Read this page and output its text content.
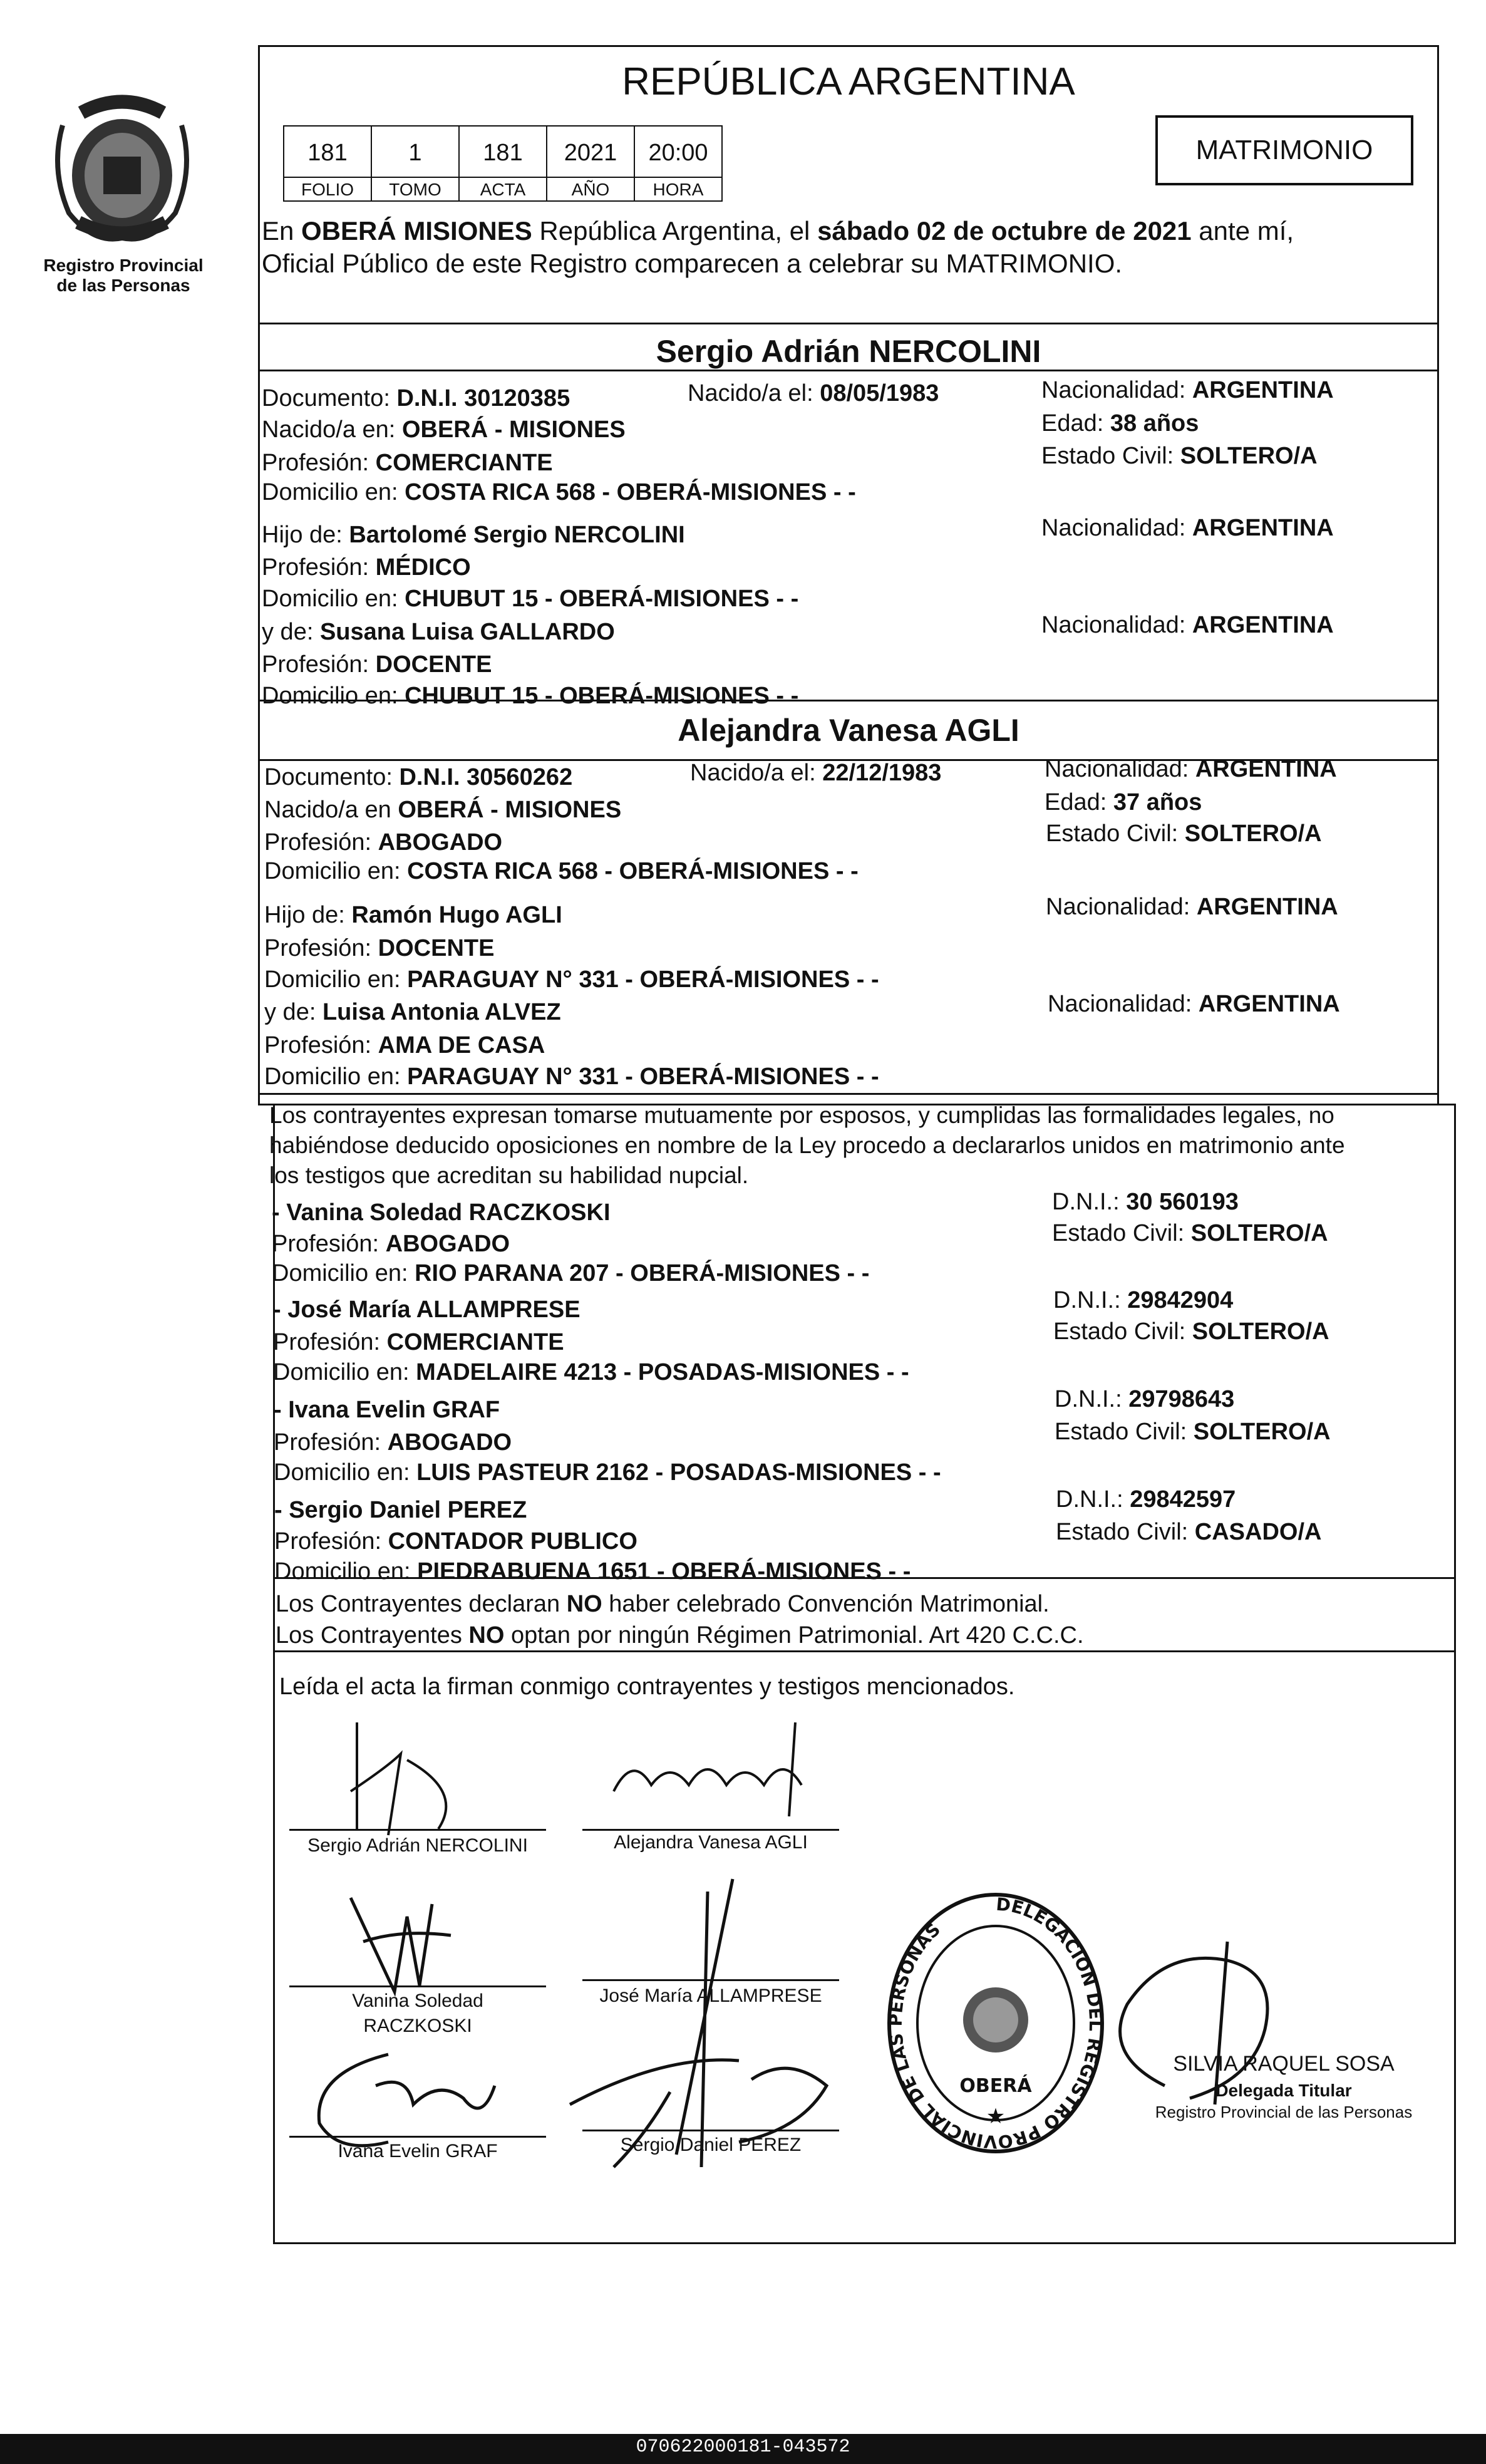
Registro Provincial
de las Personas
REPÚBLICA ARGENTINA
181	1	181	2021	20:00
FOLIO	TOMO	ACTA	AÑO	HORA
MATRIMONIO
En OBERÁ MISIONES República Argentina, el sábado 02 de octubre de 2021 ante mí,
Oficial Público de este Registro comparecen a celebrar su MATRIMONIO.
Sergio Adrián NERCOLINI
Documento: D.N.I. 30120385	Nacido/a el: 08/05/1983	Nacionalidad: ARGENTINA
Nacido/a en: OBERÁ - MISIONES	Edad: 38 años
Profesión: COMERCIANTE	Estado Civil: SOLTERO/A
Domicilio en: COSTA RICA 568 - OBERÁ-MISIONES - -
Hijo de: Bartolomé Sergio NERCOLINI	Nacionalidad: ARGENTINA
Profesión: MÉDICO
Domicilio en: CHUBUT 15 - OBERÁ-MISIONES - -
y de: Susana Luisa GALLARDO	Nacionalidad: ARGENTINA
Profesión: DOCENTE
Domicilio en: CHUBUT 15 - OBERÁ-MISIONES - -
Alejandra Vanesa AGLI
Documento: D.N.I. 30560262	Nacido/a el: 22/12/1983	Nacionalidad: ARGENTINA
Nacido/a en OBERÁ - MISIONES	Edad: 37 años
Profesión: ABOGADO	Estado Civil: SOLTERO/A
Domicilio en: COSTA RICA 568 - OBERÁ-MISIONES - -
Hijo de: Ramón Hugo AGLI	Nacionalidad: ARGENTINA
Profesión: DOCENTE
Domicilio en: PARAGUAY N° 331 - OBERÁ-MISIONES - -
y de: Luisa Antonia ALVEZ	Nacionalidad: ARGENTINA
Profesión: AMA DE CASA
Domicilio en: PARAGUAY N° 331 - OBERÁ-MISIONES - -
Los contrayentes expresan tomarse mutuamente por esposos, y cumplidas las formalidades legales, no
habiéndose deducido oposiciones en nombre de la Ley procedo a declararlos unidos en matrimonio ante
los testigos que acreditan su habilidad nupcial.
- Vanina Soledad RACZKOSKI
Profesión: ABOGADO
Domicilio en: RIO PARANA 207 - OBERÁ-MISIONES - -
D.N.I.: 30 560193
Estado Civil: SOLTERO/A
- José María ALLAMPRESE
Profesión: COMERCIANTE
Domicilio en: MADELAIRE 4213 - POSADAS-MISIONES - -
D.N.I.: 29842904
Estado Civil: SOLTERO/A
- Ivana Evelin GRAF
Profesión: ABOGADO
Domicilio en: LUIS PASTEUR 2162 - POSADAS-MISIONES - -
D.N.I.: 29798643
Estado Civil: SOLTERO/A
- Sergio Daniel PEREZ
Profesión: CONTADOR PUBLICO
Domicilio en: PIEDRABUENA 1651 - OBERÁ-MISIONES - -
D.N.I.: 29842597
Estado Civil: CASADO/A
Los Contrayentes declaran NO haber celebrado Convención Matrimonial.
Los Contrayentes NO optan por ningún Régimen Patrimonial. Art 420 C.C.C.
Leída el acta la firman conmigo contrayentes y testigos mencionados.
Sergio Adrián NERCOLINI	Alejandra Vanesa AGLI
Vanina Soledad
RACZKOSKI
José María ALLAMPRESE
Ivana Evelin GRAF	Sergio Daniel PEREZ
DELEGACION DEL REGISTRO PROVINCIAL DE LAS PERSONAS
OBERÁ
★
SILVIA RAQUEL SOSA
Delegada Titular
Registro Provincial de las Personas
070622000181-043572
